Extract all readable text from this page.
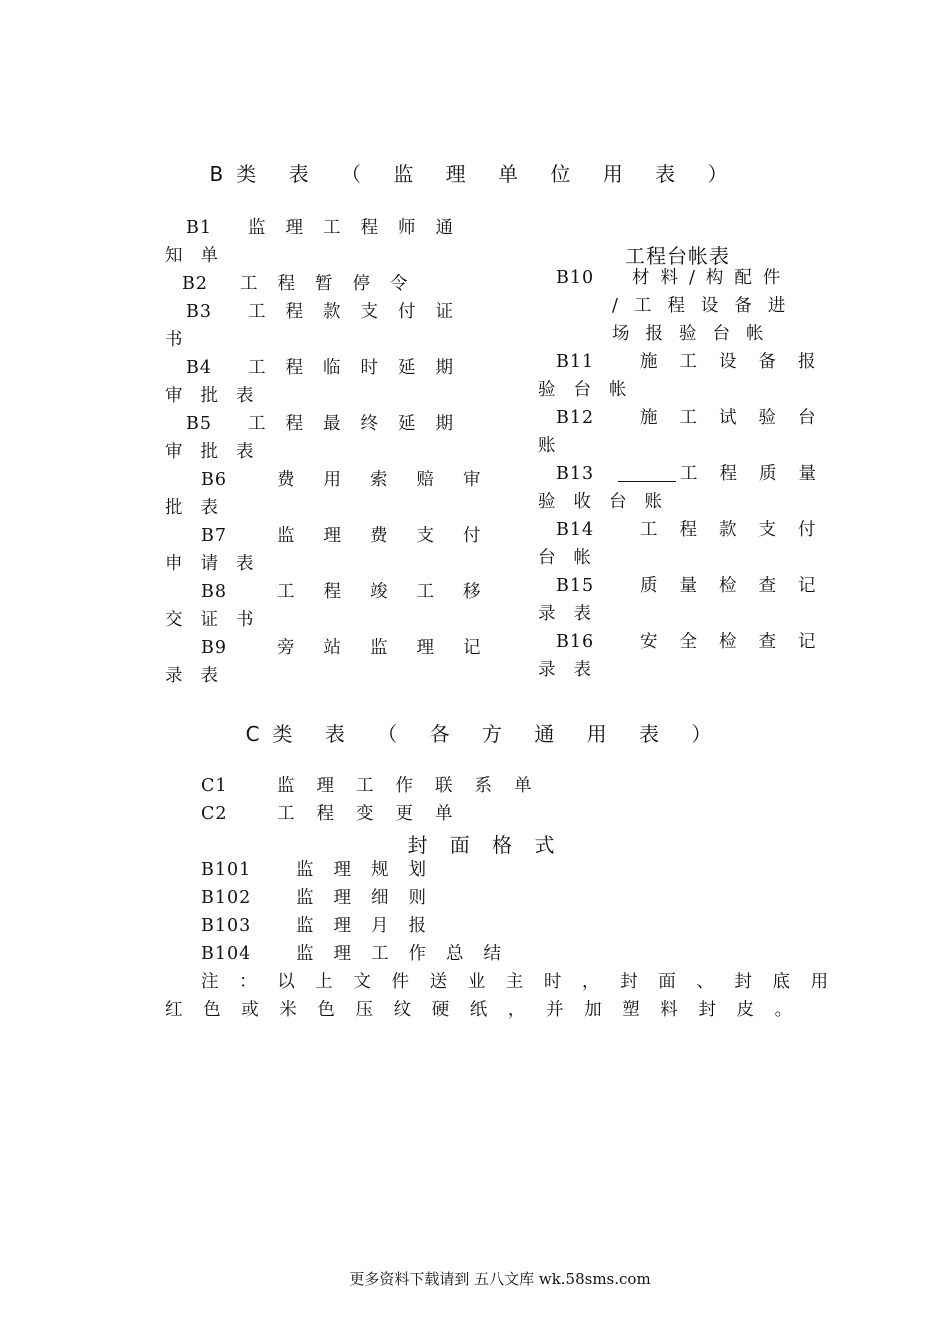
B类 表 （ 监 理 单 位 用 表 ）
B1 监理工程师通
知单
B2 工程暂停令
B3 工程款支付证
书
B4 工程临时延期
审批表
B5 工程最终延期
审批表
B6	费用索赔审
批表
B7	监理费支付
申请表
B8	工程竣工移
交证书
B9	旁站监理记
录表
工程台帐表
B10 材料/构配件
/工程设备进
场报验台帐
B11	施工设备报
验台帐
B12	施工试验台
账
B13	工程质量
验收台账
B14	工程款支付
台帐
B15	质量检查记
录表
B16	安全检查记
录表
C类 表 （ 各 方 通 用 表 ）
C1	监理工作联系单
C2	工程变更单
封 面 格 式
B101	监理规划
B102	监理细则
B103	监理月报
B104	监理工作总结
注：以上文件送业主时，封面、封底用
红色或米色压纹硬纸，并加塑料封皮。
更多资料下载请到 五八文库 wk.58sms.com
